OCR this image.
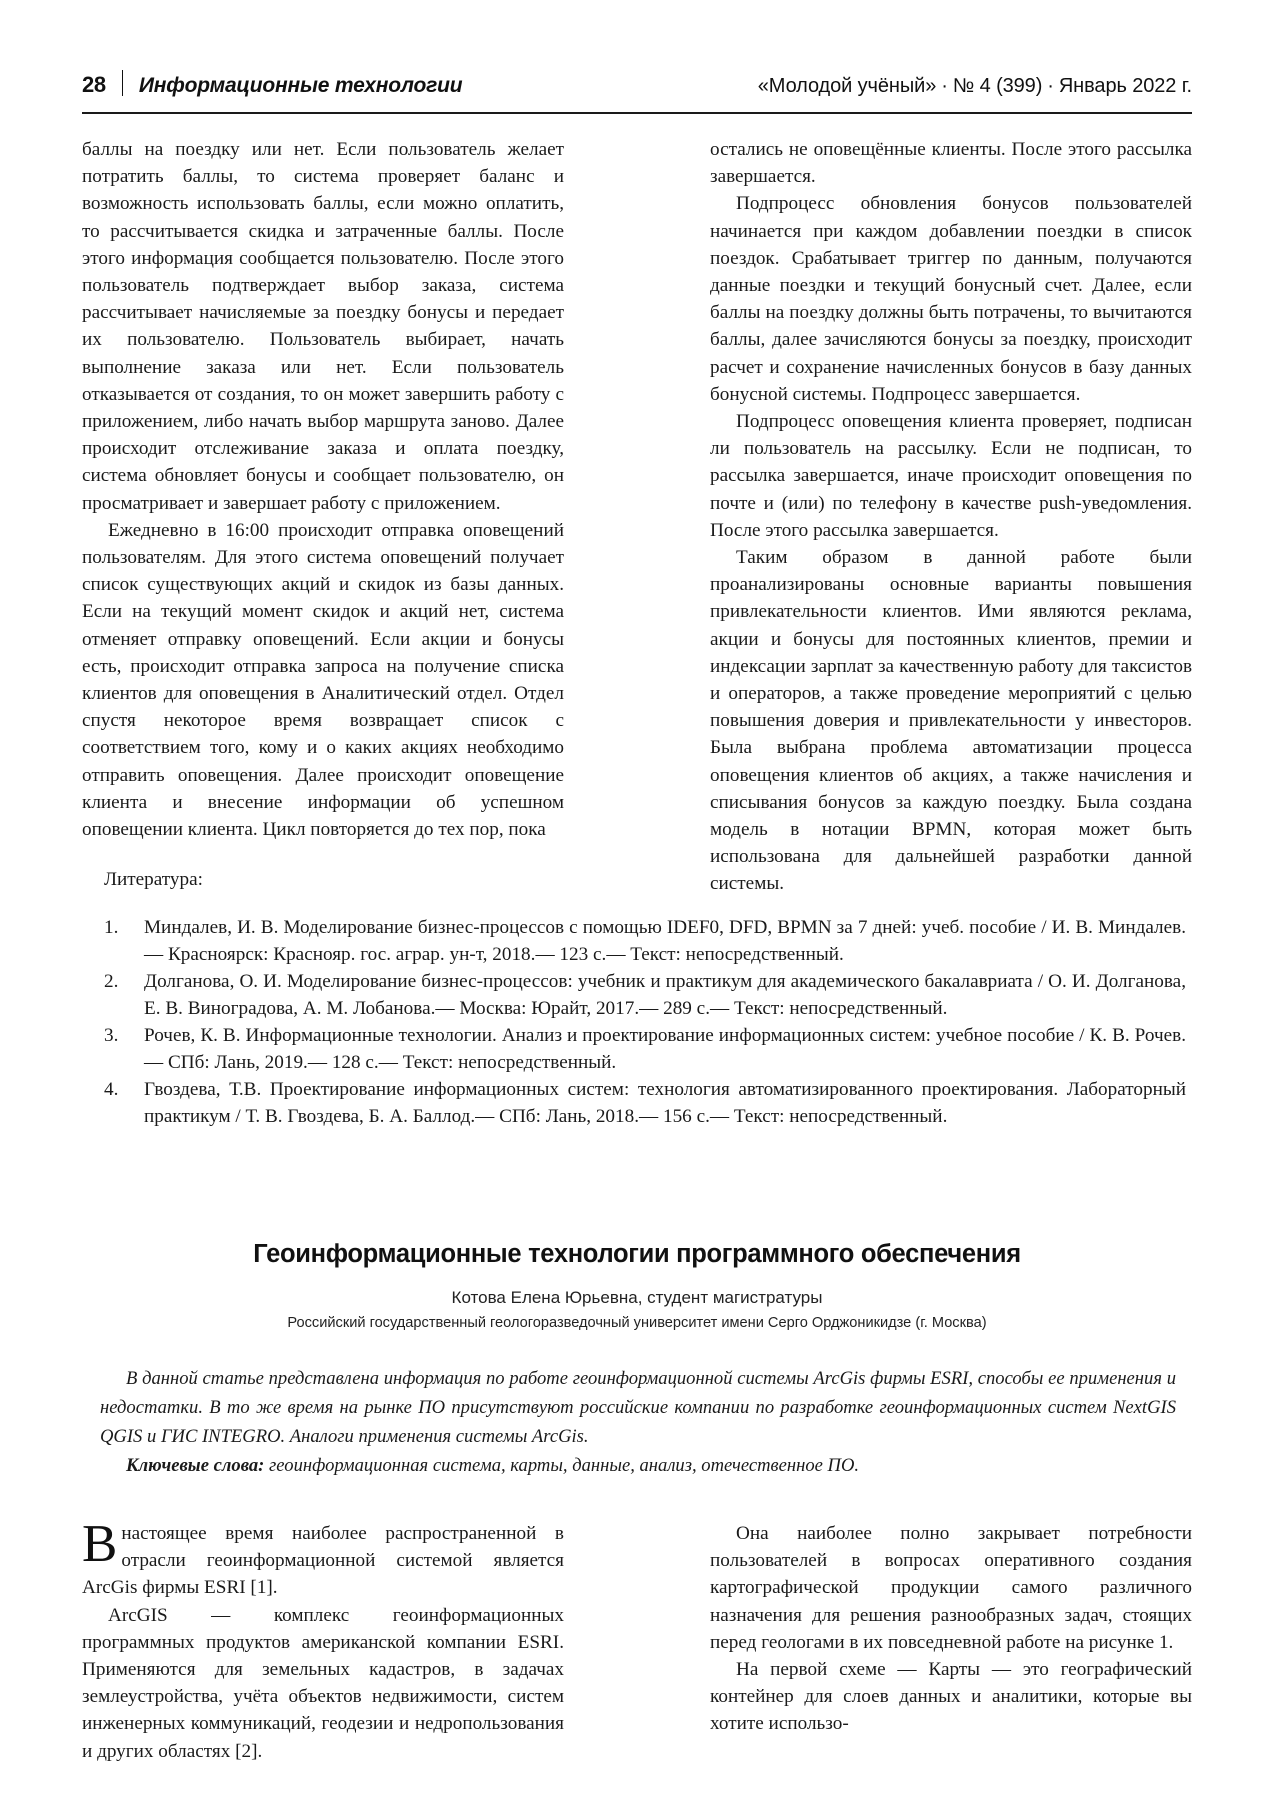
28 Информационные технологии	«Молодой учёный» · № 4 (399) · Январь 2022 г.

баллы на поездку или нет. Если пользователь желает потратить баллы, то система проверяет баланс и возможность использовать баллы, если можно оплатить, то рассчитывается скидка и затраченные баллы. После этого информация сообщается пользователю. После этого пользователь подтверждает выбор заказа, система рассчитывает начисляемые за поездку бонусы и передает их пользователю. Пользователь выбирает, начать выполнение заказа или нет. Если пользователь отказывается от создания, то он может завершить работу с приложением, либо начать выбор маршрута заново. Далее происходит отслеживание заказа и оплата поездку, система обновляет бонусы и сообщает пользователю, он просматривает и завершает работу с приложением.

Ежедневно в 16:00 происходит отправка оповещений пользователям. Для этого система оповещений получает список существующих акций и скидок из базы данных. Если на текущий момент скидок и акций нет, система отменяет отправку оповещений. Если акции и бонусы есть, происходит отправка запроса на получение списка клиентов для оповещения в Аналитический отдел. Отдел спустя некоторое время возвращает список с соответствием того, кому и о каких акциях необходимо отправить оповещения. Далее происходит оповещение клиента и внесение информации об успешном оповещении клиента. Цикл повторяется до тех пор, пока

остались не оповещённые клиенты. После этого рассылка завершается.

Подпроцесс обновления бонусов пользователей начинается при каждом добавлении поездки в список поездок. Срабатывает триггер по данным, получаются данные поездки и текущий бонусный счет. Далее, если баллы на поездку должны быть потрачены, то вычитаются баллы, далее зачисляются бонусы за поездку, происходит расчет и сохранение начисленных бонусов в базу данных бонусной системы. Подпроцесс завершается.

Подпроцесс оповещения клиента проверяет, подписан ли пользователь на рассылку. Если не подписан, то рассылка завершается, иначе происходит оповещения по почте и (или) по телефону в качестве push-уведомления. После этого рассылка завершается.

Таким образом в данной работе были проанализированы основные варианты повышения привлекательности клиентов. Ими являются реклама, акции и бонусы для постоянных клиентов, премии и индексации зарплат за качественную работу для таксистов и операторов, а также проведение мероприятий с целью повышения доверия и привлекательности у инвесторов. Была выбрана проблема автоматизации процесса оповещения клиентов об акциях, а также начисления и списывания бонусов за каждую поездку. Была создана модель в нотации BPMN, которая может быть использована для дальнейшей разработки данной системы.

Литература:
1.	Миндалев, И. В. Моделирование бизнес-процессов с помощью IDEF0, DFD, BPMN за 7 дней: учеб. пособие / И. В. Миндалев.— Красноярск: Краснояр. гос. аграр. ун-т, 2018.— 123 с.— Текст: непосредственный.
2.	Долганова, О. И. Моделирование бизнес-процессов: учебник и практикум для академического бакалавриата / О. И. Долганова, Е. В. Виноградова, А. М. Лобанова.— Москва: Юрайт, 2017.— 289 с.— Текст: непосредственный.
3.	Рочев, К. В. Информационные технологии. Анализ и проектирование информационных систем: учебное пособие / К. В. Рочев.— СПб: Лань, 2019.— 128 с.— Текст: непосредственный.
4.	Гвоздева, Т.В. Проектирование информационных систем: технология автоматизированного проектирования. Лабораторный практикум / Т. В. Гвоздева, Б. А. Баллод.— СПб: Лань, 2018.— 156 с.— Текст: непосредственный.
Геоинформационные технологии программного обеспечения
Котова Елена Юрьевна, студент магистратуры
Российский государственный геологоразведочный университет имени Серго Орджоникидзе (г. Москва)

В данной статье представлена информация по работе геоинформационной системы ArcGis фирмы ESRI, способы ее применения и недостатки. В то же время на рынке ПО присутствуют российские компании по разработке геоинформационных систем NextGIS QGIS и ГИС INTEGRO. Аналоги применения системы ArcGis.

Ключевые слова: геоинформационная система, карты, данные, анализ, отечественное ПО.

Внастоящее время наиболее распространенной в отрасли геоинформационной системой является ArcGis фирмы ESRI [1].

ArcGIS — комплекс геоинформационных программных продуктов американской компании ESRI. Применяются для земельных кадастров, в задачах землеустройства, учёта объектов недвижимости, систем инженерных коммуникаций, геодезии и недропользования и других областях [2].

Она наиболее полно закрывает потребности пользователей в вопросах оперативного создания картографической продукции самого различного назначения для решения разнообразных задач, стоящих перед геологами в их повседневной работе на рисунке 1.

На первой схеме — Карты — это географический контейнер для слоев данных и аналитики, которые вы хотите использо-
